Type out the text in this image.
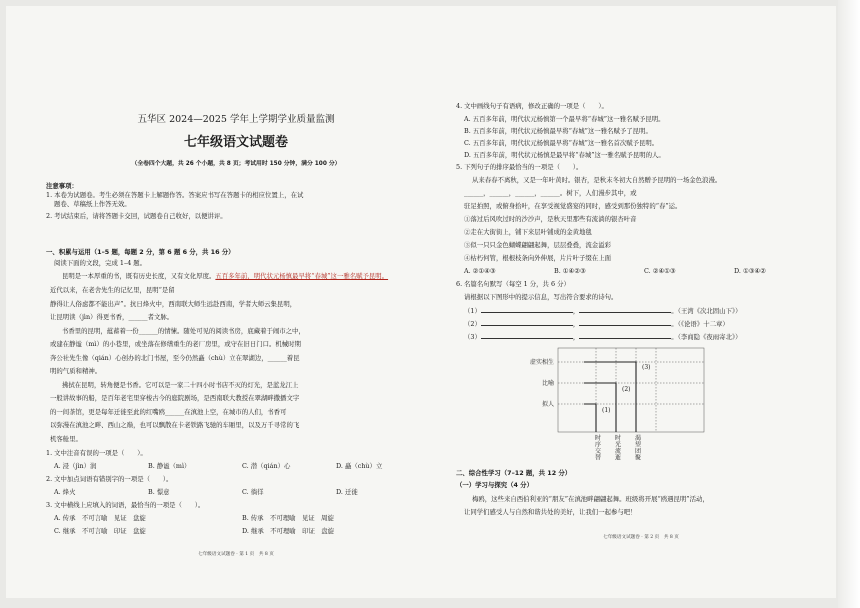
五华区 2024—2025 学年上学期学业质量监测
七年级语文试题卷
（全卷四个大题，共 26 个小题，共 8 页；考试用时 150 分钟，满分 100 分）
注意事项：
1. 本卷为试题卷。考生必须在答题卡上解题作答。答案应书写在答题卡的相应位置上，在试
题卷、草稿纸上作答无效。
2. 考试结束后，请将答题卡交回，试题卷自己收好，以便讲评。
一、积累与运用（1–5 题，每题 2 分，第 6 题 6 分，共 16 分）
阅读下面的文段，完成 1–4 题。
昆明是一本厚重的书，既有历史长度，又有文化厚度。五百多年前，明代状元杨慎最早将“春城”这一雅名赋予昆明。
近代以来，在老舍先生的记忆里，昆明“是留
静得让人俗虑都不能出声”。抗日烽火中，西南联大师生远赴西南，学者大师云集昆明，
让昆明读（jìn）得更书香，______者文脉。
书香里的昆明，蕴蓄着一份______的情愫。随处可见的阅读书房，底藏着于闹市之中，
或建在静谧（mì）的小巷里，或坐落在修缮重生的老厂房里，或守在旧日门口。机械时期
奔公社先生像（qián）心创办的北门书屋，至今仍然矗（chù）立在翠湖边，______着昆
明的气质和精神。
拂拭在昆明，转角便是书香。它可以是一家二十四小时书店不灭的灯光，是蓝龙江上
一般讲故事的船，是百年老宅里穿梭古今的庭院剧场，是西南联大教授在翠湖畔撒播文字
的一间茶馆，更是每年迁徙至此的红嘴鸥______在滇池上空，在城市的人们，书香可
以弥漫在滇池之畔、西山之巅，也可以飘散在卡老铁路飞驰的车厢里，以及万千寻常的飞
机客舱里。
1. 文中注音有误的一项是（　　）。
A. 浸（jìn）润	B. 静谧（mì）	C. 潜（qián）心	D. 矗（chù）立
2. 文中加点词语有错别字的一项是（　　）。
A. 烽火	B. 憬意	C. 徜徉	D. 迁徙
3. 文中横线上应填入的词语，最恰当的一项是（　　）。
A. 传承　不可言喻　见证　盘旋	B. 传承　不可理喻　见证　周旋
C. 继承　不可言喻　印证　盘旋	D. 继承　不可理喻　印证　盘旋
七年级语文试题卷 · 第 1 页　共 8 页
4. 文中画线句子有语病，修改正确的一项是（　　）。
A. 五百多年前，明代状元杨慎第一个最早将“春城”这一雅名赋予昆明。
B. 五百多年前，明代状元杨慎最早将“春城”这一雅名赋予了昆明。
C. 五百多年前，明代状元杨慎最早将“春城”这一雅名首次赋予昆明。
D. 五百多年前，明代状元杨慎是最早将“春城”这一雅名赋予昆明的人。
5. 下列句子的排序最恰当的一项是（　　）。
从来春春不离秋，又是一年叶黄时。银杏，是秋末冬初大自然赠予昆明的一场金色浪漫。
______，______，______，______。树下，人们漫步其中，或
驻足拍照，或俯身拾叶，在享受视觉盛宴的同时，感受到那份独特的“春”运。
①落过后风吹过时的沙沙声，是秋天里那些有流淌的银杏叶音
②走在大街街上，铺下来层叶铺成的金黄地毯
③似一只只金色蝴蝶翩翩起舞，层层叠叠，流金溢彩
④枯朽何管，根根枝条向外伸展，片片叶子缀在上面
A. ②①④③	B. ①④②③	C. ②④①③	D. ①③④②
6. 名篇名句默写（每空 1 分，共 6 分）
请根据以下图形中的提示信息，写出符合要求的诗句。
（1）	，	。（王湾《次北固山下》）
（2）	，	。（《论语》十二章）
（3）	，	。（李商隐《夜雨寄北》）
虚实相生
比喻
拟人
时
序
交
替
时
光
流
逝
渴
望
团
聚
(1)
(2)
(3)
二、综合性学习（7–12 题，共 12 分）
（一）学习与探究（4 分）
梅鸥，这些来自西伯利亚的“朋友”在滇池畔翩翩起舞。班级将开展“鸥遇昆明”活动，
让同学们感受人与自然和谐共处的美好，让我们一起参与吧！
七年级语文试题卷 · 第 2 页　共 8 页
